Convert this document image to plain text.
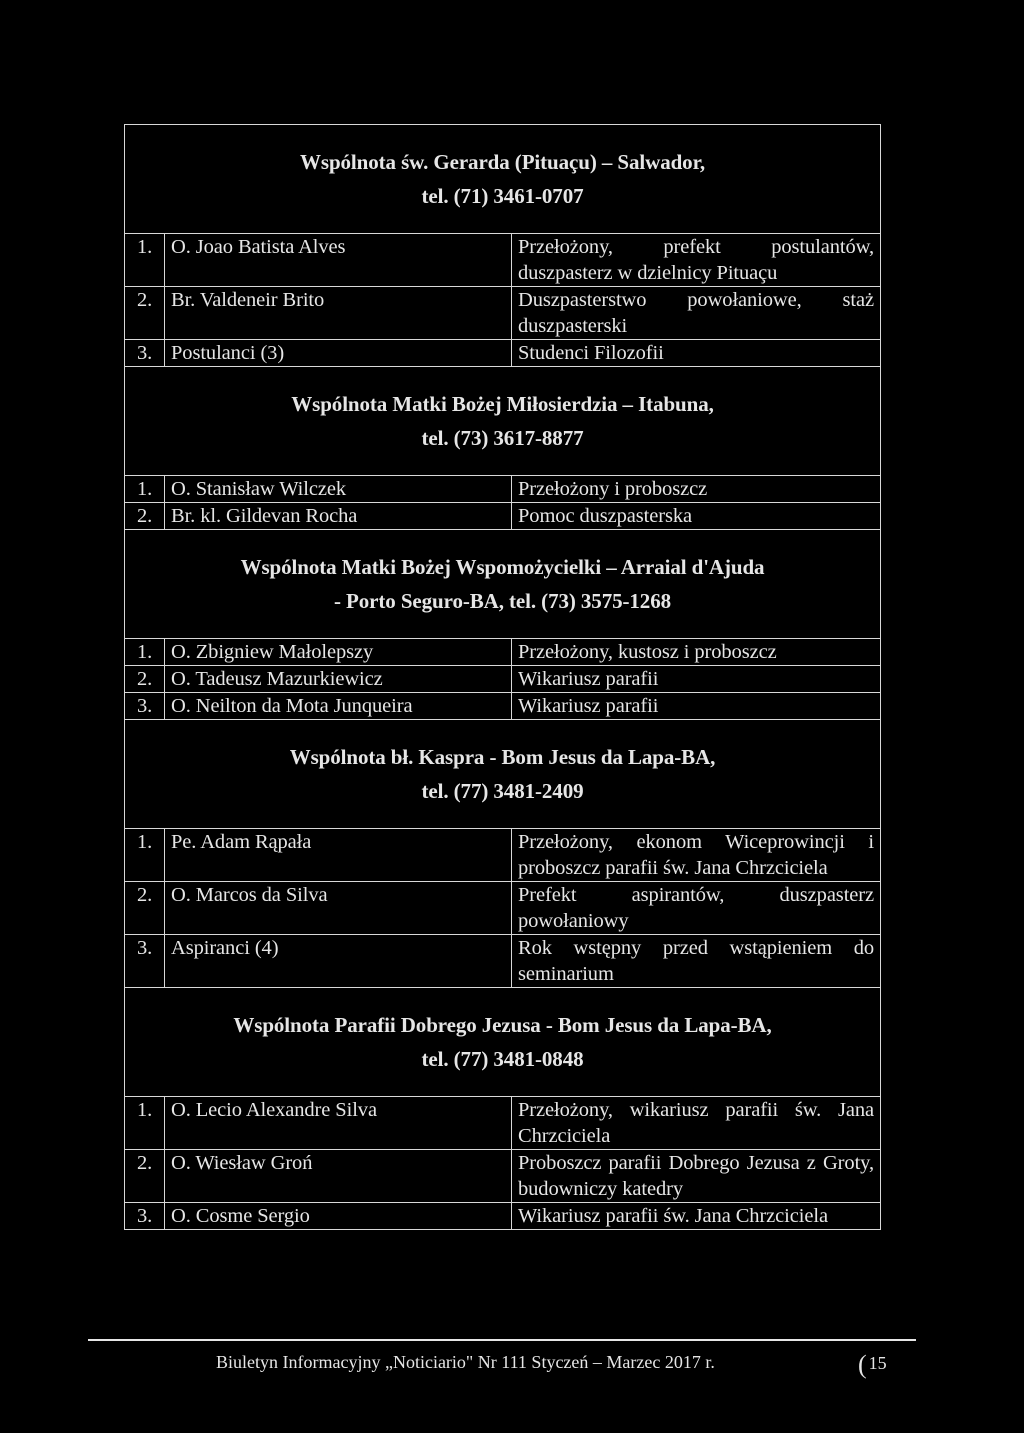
Wspólnota św. Gerarda (Pituaçu) – Salwador,
tel. (71) 3461-0707		

1.	O. Joao Batista Alves	Przełożony, prefekt postulantów, duszpasterz w dzielnicy Pituaçu
2.	Br. Valdeneir Brito	Duszpasterstwo powołaniowe, staż duszpasterski
3.	Postulanci (3)	Studenci Filozofii

Wspólnota Matki Bożej Miłosierdzia – Itabuna,
tel. (73) 3617-8877		

1.	O. Stanisław Wilczek	Przełożony i proboszcz
2.	Br. kl. Gildevan Rocha	Pomoc duszpasterska

Wspólnota Matki Bożej Wspomożycielki – Arraial d'Ajuda
- Porto Seguro-BA, tel. (73) 3575-1268		

1.	O. Zbigniew Małolepszy	Przełożony, kustosz i proboszcz
2.	O. Tadeusz Mazurkiewicz	Wikariusz parafii
3.	O. Neilton da Mota Junqueira	Wikariusz parafii

Wspólnota bł. Kaspra - Bom Jesus da Lapa-BA,
tel. (77) 3481-2409		

1.	Pe. Adam Rąpała	Przełożony, ekonom Wiceprowincji i proboszcz parafii św. Jana Chrzciciela
2.	O. Marcos da Silva	Prefekt aspirantów, duszpasterz powołaniowy
3.	Aspiranci (4)	Rok wstępny przed wstąpieniem do seminarium

Wspólnota Parafii Dobrego Jezusa - Bom Jesus da Lapa-BA,
tel. (77) 3481-0848		

1.	O. Lecio Alexandre Silva	Przełożony, wikariusz parafii św. Jana Chrzciciela
2.	O. Wiesław Groń	Proboszcz parafii Dobrego Jezusa z Groty, budowniczy katedry
3.	O. Cosme Sergio	Wikariusz parafii św. Jana Chrzciciela
Biuletyn Informacyjny „Noticiario" Nr 111 Styczeń – Marzec 2017 r.	( 15
